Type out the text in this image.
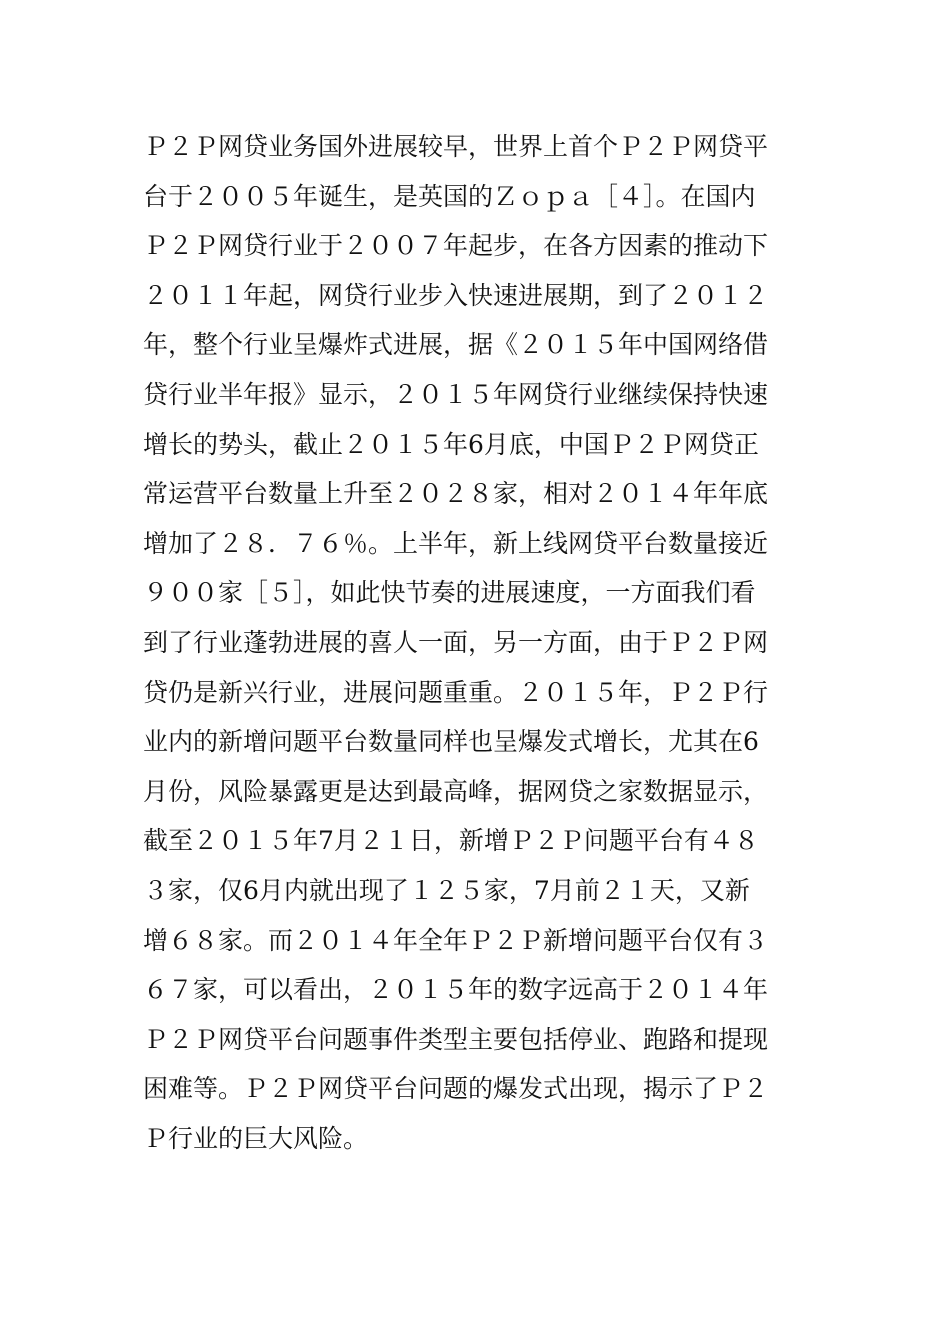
Ｐ２Ｐ网贷业务国外进展较早，世界上首个Ｐ２Ｐ网贷平
台于２００５年诞生，是英国的Ｚｏｐａ［４］。在国内
Ｐ２Ｐ网贷行业于２００７年起步，在各方因素的推动下
２０１１年起，网贷行业步入快速进展期，到了２０１２
年，整个行业呈爆炸式进展，据《２０１５年中国网络借
贷行业半年报》显示，２０１５年网贷行业继续保持快速
增长的势头，截止２０１５年6月底，中国Ｐ２Ｐ网贷正
常运营平台数量上升至２０２８家，相对２０１４年年底
增加了２８．７６％。上半年，新上线网贷平台数量接近
９００家［５］，如此快节奏的进展速度，一方面我们看
到了行业蓬勃进展的喜人一面，另一方面，由于Ｐ２Ｐ网
贷仍是新兴行业，进展问题重重。２０１５年，Ｐ２Ｐ行
业内的新增问题平台数量同样也呈爆发式增长，尤其在6
月份，风险暴露更是达到最高峰，据网贷之家数据显示，
截至２０１５年7月２１日，新增Ｐ２Ｐ问题平台有４８
３家，仅6月内就出现了１２５家，7月前２１天，又新
增６８家。而２０１４年全年Ｐ２Ｐ新增问题平台仅有３
６７家，可以看出，２０１５年的数字远高于２０１４年
Ｐ２Ｐ网贷平台问题事件类型主要包括停业、跑路和提现
困难等。Ｐ２Ｐ网贷平台问题的爆发式出现，揭示了Ｐ２
Ｐ行业的巨大风险。
